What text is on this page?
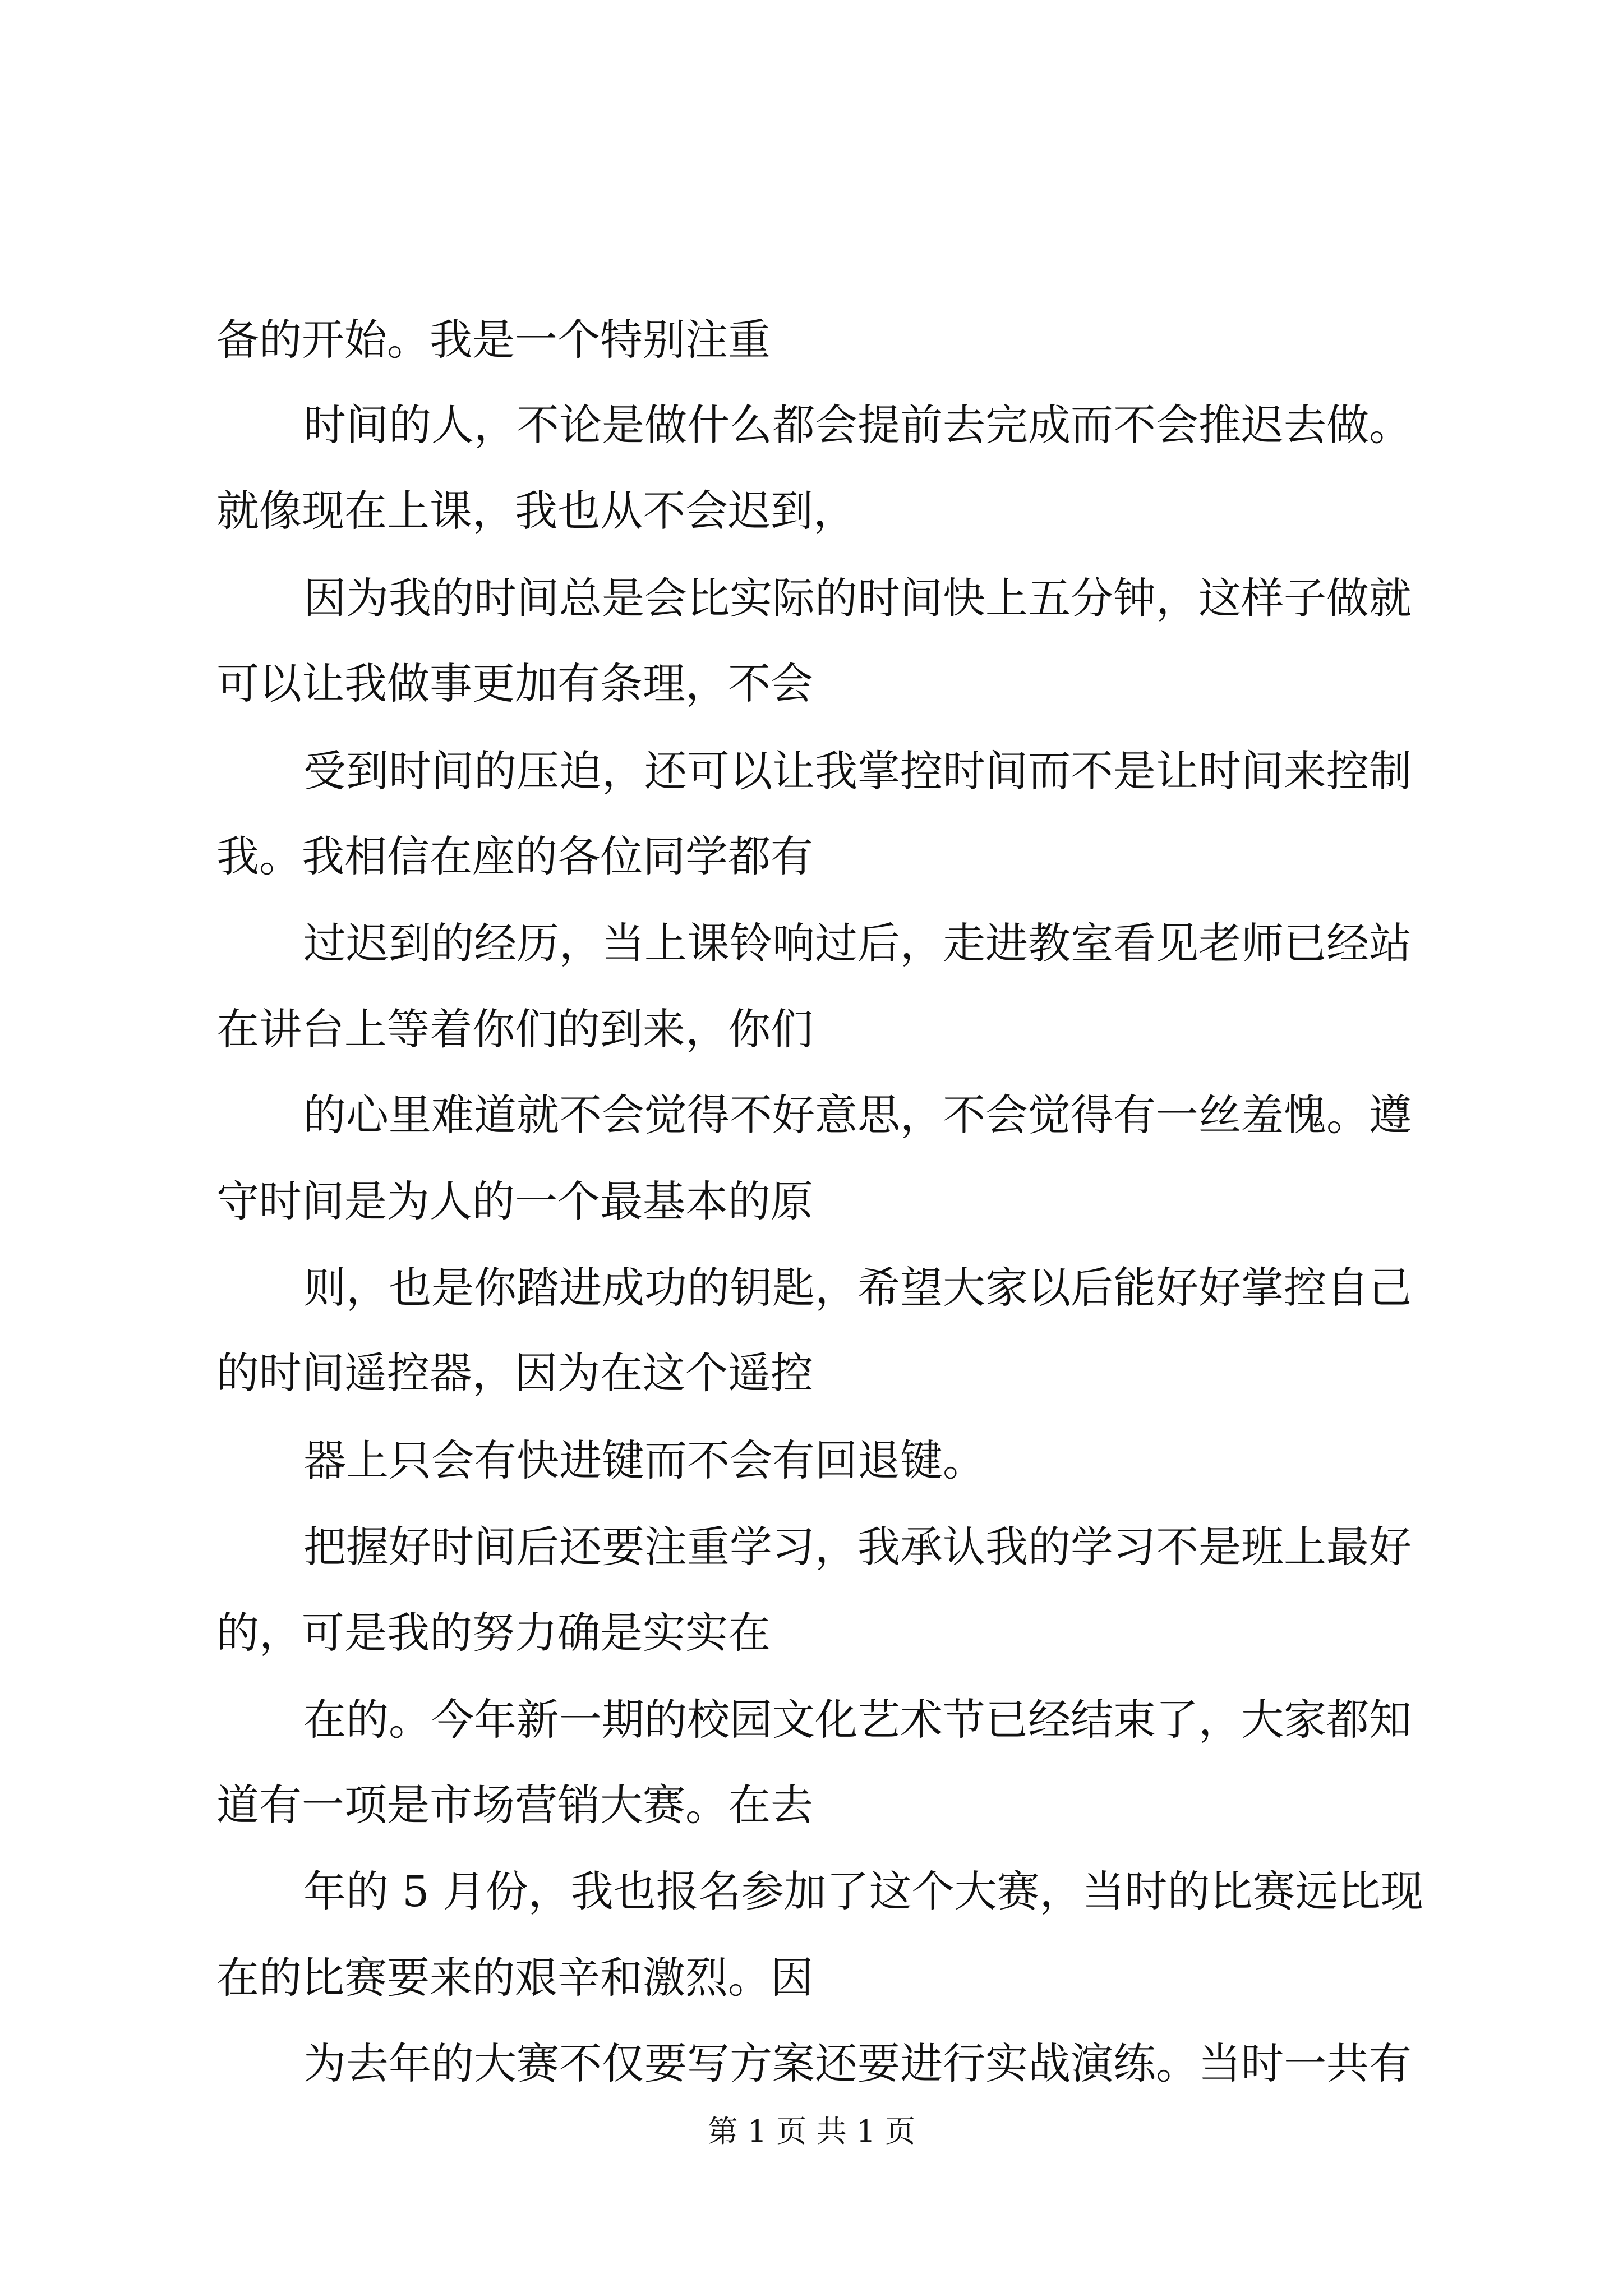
备的开始。我是一个特别注重
时间的人，不论是做什么都会提前去完成而不会推迟去做。
就像现在上课，我也从不会迟到，
因为我的时间总是会比实际的时间快上五分钟，这样子做就
可以让我做事更加有条理，不会
受到时间的压迫，还可以让我掌控时间而不是让时间来控制
我。我相信在座的各位同学都有
过迟到的经历，当上课铃响过后，走进教室看见老师已经站
在讲台上等着你们的到来，你们
的心里难道就不会觉得不好意思，不会觉得有一丝羞愧。遵
守时间是为人的一个最基本的原
则，也是你踏进成功的钥匙，希望大家以后能好好掌控自己
的时间遥控器，因为在这个遥控
器上只会有快进键而不会有回退键。
把握好时间后还要注重学习，我承认我的学习不是班上最好
的，可是我的努力确是实实在
在的。今年新一期的校园文化艺术节已经结束了，大家都知
道有一项是市场营销大赛。在去
年的 5 月份，我也报名参加了这个大赛，当时的比赛远比现
在的比赛要来的艰辛和激烈。因
为去年的大赛不仅要写方案还要进行实战演练。当时一共有
第 1 页 共 1 页
